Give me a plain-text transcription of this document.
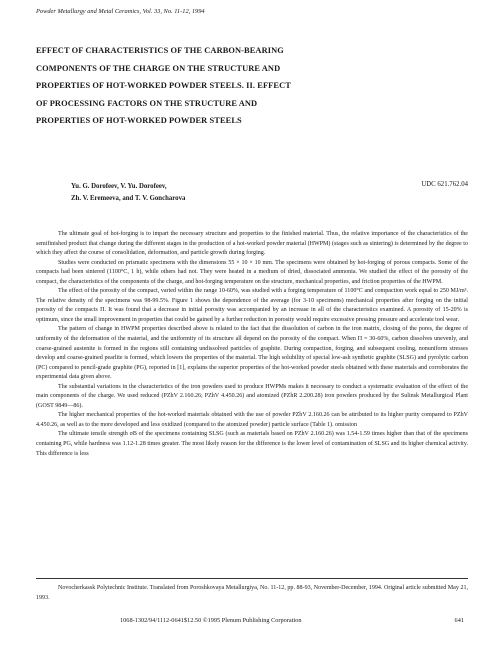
Powder Metallurgy and Metal Ceramics, Vol. 33, No. 11-12, 1994
EFFECT OF CHARACTERISTICS OF THE CARBON-BEARING
COMPONENTS OF THE CHARGE ON THE STRUCTURE AND
PROPERTIES OF HOT-WORKED POWDER STEELS. II. EFFECT
OF PROCESSING FACTORS ON THE STRUCTURE AND
PROPERTIES OF HOT-WORKED POWDER STEELS
Yu. G. Dorofeev, V. Yu. Dorofeev,
Zh. V. Eremeeva, and T. V. Goncharova
UDC 621.762.04

The ultimate goal of hot-forging is to impart the necessary structure and properties to the finished material. Thus, the relative importance of the characteristics of the semifinished product that change during the different stages in the production of a hot-worked powder material (HWPM) (stages such as sintering) is determined by the degree to which they affect the course of consolidation, deformation, and particle growth during forging.

Studies were conducted on prismatic specimens with the dimensions 55 × 10 × 10 mm. The specimens were obtained by hot-forging of porous compacts. Some of the compacts had been sintered (1100°C, 1 h), while others had not. They were heated in a medium of dried, dissociated ammonia. We studied the effect of the porosity of the compact, the characteristics of the components of the charge, and hot-forging temperature on the structure, mechanical properties, and friction properties of the HWPM.

The effect of the porosity of the compact, varied within the range 10-60%, was studied with a forging temperature of 1100°C and compaction work equal to 250 MJ/m³. The relative density of the specimens was 98-99.5%. Figure 1 shows the dependence of the average (for 3-10 specimens) mechanical properties after forging on the initial porosity of the compacts Π. It was found that a decrease in initial porosity was accompanied by an increase in all of the characteristics examined. A porosity of 15-20% is optimum, since the small improvement in properties that could be gained by a further reduction in porosity would require excessive pressing pressure and accelerate tool wear.

The pattern of change in HWPM properties described above is related to the fact that the dissolution of carbon in the iron matrix, closing of the pores, the degree of uniformity of the deformation of the material, and the uniformity of its structure all depend on the porosity of the compact. When Π = 30-60%, carbon dissolves unevenly, and coarse-grained austenite is formed in the regions still containing undissolved particles of graphite. During compaction, forging, and subsequent cooling, nonuniform stresses develop and coarse-grained pearlite is formed, which lowers the properties of the material. The high solubility of special low-ash synthetic graphite (SLSG) and pyrolytic carbon (PC) compared to pencil-grade graphite (PG), reported in [1], explains the superior properties of the hot-worked powder steels obtained with these materials and corroborates the experimental data given above.

The substantial variations in the characteristics of the iron powders used to produce HWPMs makes it necessary to conduct a systematic evaluation of the effect of the main components of the charge. We used reduced (PZhV 2.160.26; PZhV 4.450.26) and atomized (PZhR 2.200.28) iron powders produced by the Sulinsk Metallurgical Plant (GOST 9849—86).

The higher mechanical properties of the hot-worked materials obtained with the use of powder PZhV 2.160.26 can be attributed to its higher purity compared to PZhV 4.450.26, as well as to the more developed and less oxidized (compared to the atomized powder) particle surface (Table 1). omission

The ultimate tensile strength σB of the specimens containing SLSG (such as materials based on PZhV 2.160.26) was 1.54-1.59 times higher than that of the specimens containing PG, while hardness was 1.12-1.28 times greater. The most likely reason for the difference is the lower level of contamination of SLSG and its higher chemical activity. This difference is less

Novocherkassk Polytechnic Institute. Translated from Poroshkovaya Metallurgiya, No. 11-12, pp. 88-93, November-December, 1994. Original article submitted May 21, 1993.
1068-1302/94/1112-0641$12.50 ©1995 Plenum Publishing Corporation	641
